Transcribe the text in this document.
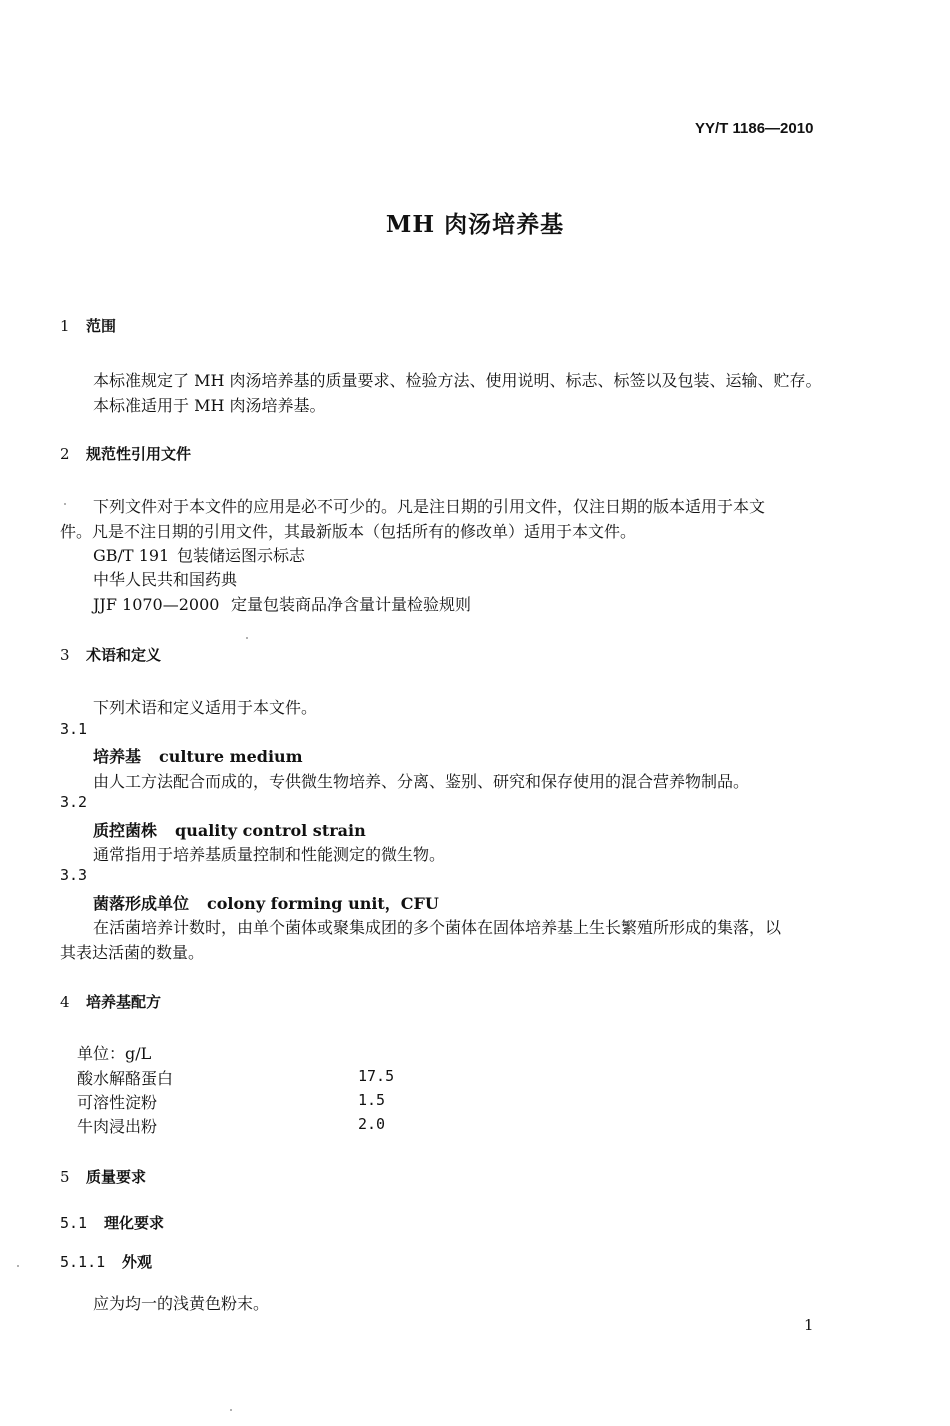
YY/T 1186—2010
MH 肉汤培养基
1 范围
本标准规定了 MH 肉汤培养基的质量要求、检验方法、使用说明、标志、标签以及包装、运输、贮存。
本标准适用于 MH 肉汤培养基。
2 规范性引用文件
下列文件对于本文件的应用是必不可少的。凡是注日期的引用文件，仅注日期的版本适用于本文
件。凡是不注日期的引用文件，其最新版本（包括所有的修改单）适用于本文件。
GB/T 191 包装储运图示标志
中华人民共和国药典
JJF 1070—2000 定量包装商品净含量计量检验规则
3 术语和定义
下列术语和定义适用于本文件。
3.1
培养基 culture medium
由人工方法配合而成的，专供微生物培养、分离、鉴别、研究和保存使用的混合营养物制品。
3.2
质控菌株 quality control strain
通常指用于培养基质量控制和性能测定的微生物。
3.3
菌落形成单位 colony forming unit，CFU
在活菌培养计数时，由单个菌体或聚集成团的多个菌体在固体培养基上生长繁殖所形成的集落，以
其表达活菌的数量。
4 培养基配方
单位：g/L
酸水解酪蛋白	17.5
可溶性淀粉	1.5
牛肉浸出粉	2.0
5 质量要求
5.1 理化要求
5.1.1 外观
应为均一的浅黄色粉末。
1
